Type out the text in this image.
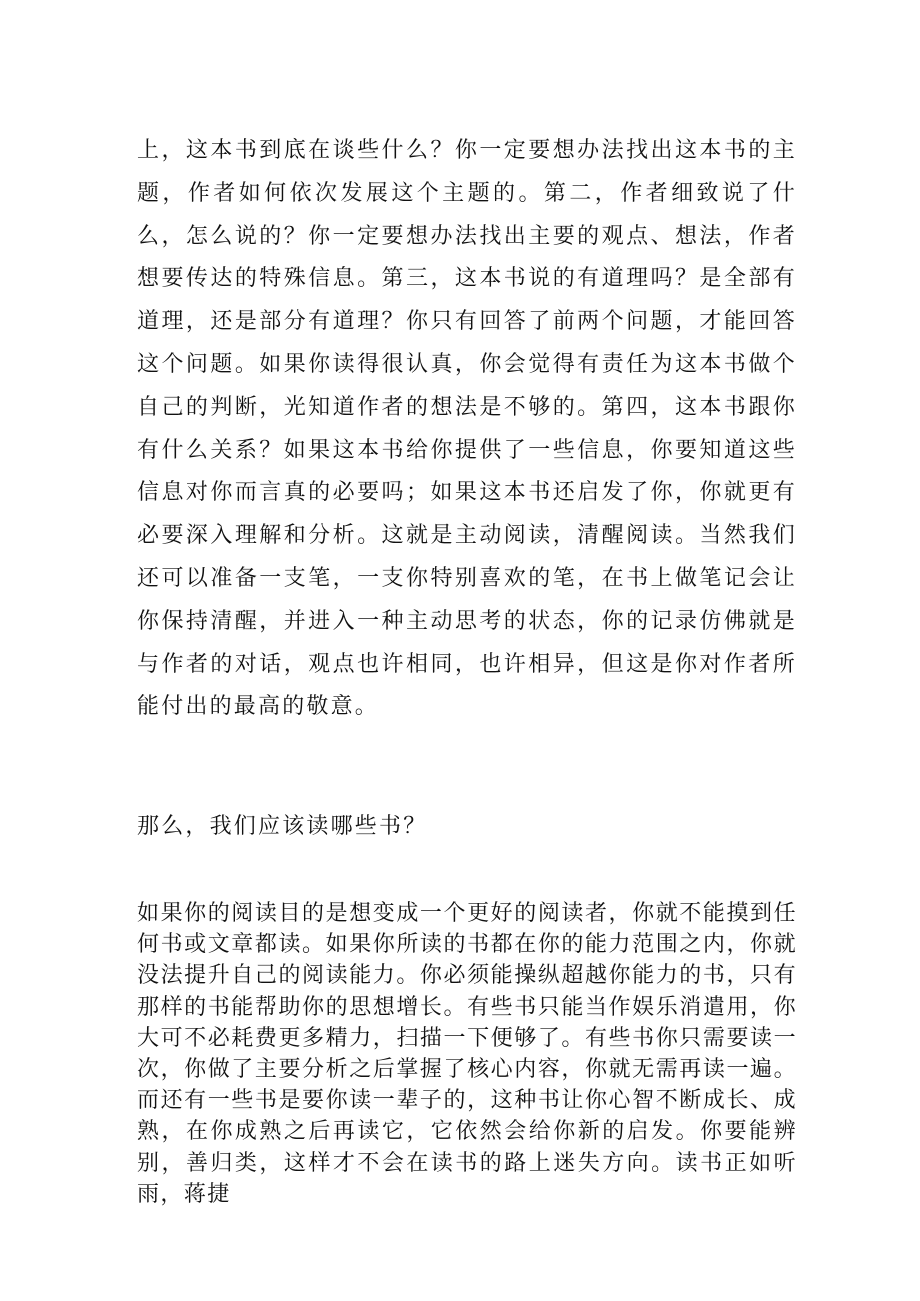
上，这本书到底在谈些什么？你一定要想办法找出这本书的主题，作者如何依次发展这个主题的。第二，作者细致说了什么，怎么说的？你一定要想办法找出主要的观点、想法，作者想要传达的特殊信息。第三，这本书说的有道理吗？是全部有道理，还是部分有道理？你只有回答了前两个问题，才能回答这个问题。如果你读得很认真，你会觉得有责任为这本书做个自己的判断，光知道作者的想法是不够的。第四，这本书跟你有什么关系？如果这本书给你提供了一些信息，你要知道这些信息对你而言真的必要吗；如果这本书还启发了你，你就更有必要深入理解和分析。这就是主动阅读，清醒阅读。当然我们还可以准备一支笔，一支你特别喜欢的笔，在书上做笔记会让你保持清醒，并进入一种主动思考的状态，你的记录仿佛就是与作者的对话，观点也许相同，也许相异，但这是你对作者所能付出的最高的敬意。

那么，我们应该读哪些书？

如果你的阅读目的是想变成一个更好的阅读者，你就不能摸到任何书或文章都读。如果你所读的书都在你的能力范围之内，你就没法提升自己的阅读能力。你必须能操纵超越你能力的书，只有那样的书能帮助你的思想增长。有些书只能当作娱乐消遣用，你大可不必耗费更多精力，扫描一下便够了。有些书你只需要读一次，你做了主要分析之后掌握了核心内容，你就无需再读一遍。而还有一些书是要你读一辈子的，这种书让你心智不断成长、成熟，在你成熟之后再读它，它依然会给你新的启发。你要能辨别，善归类，这样才不会在读书的路上迷失方向。读书正如听雨，蒋捷
